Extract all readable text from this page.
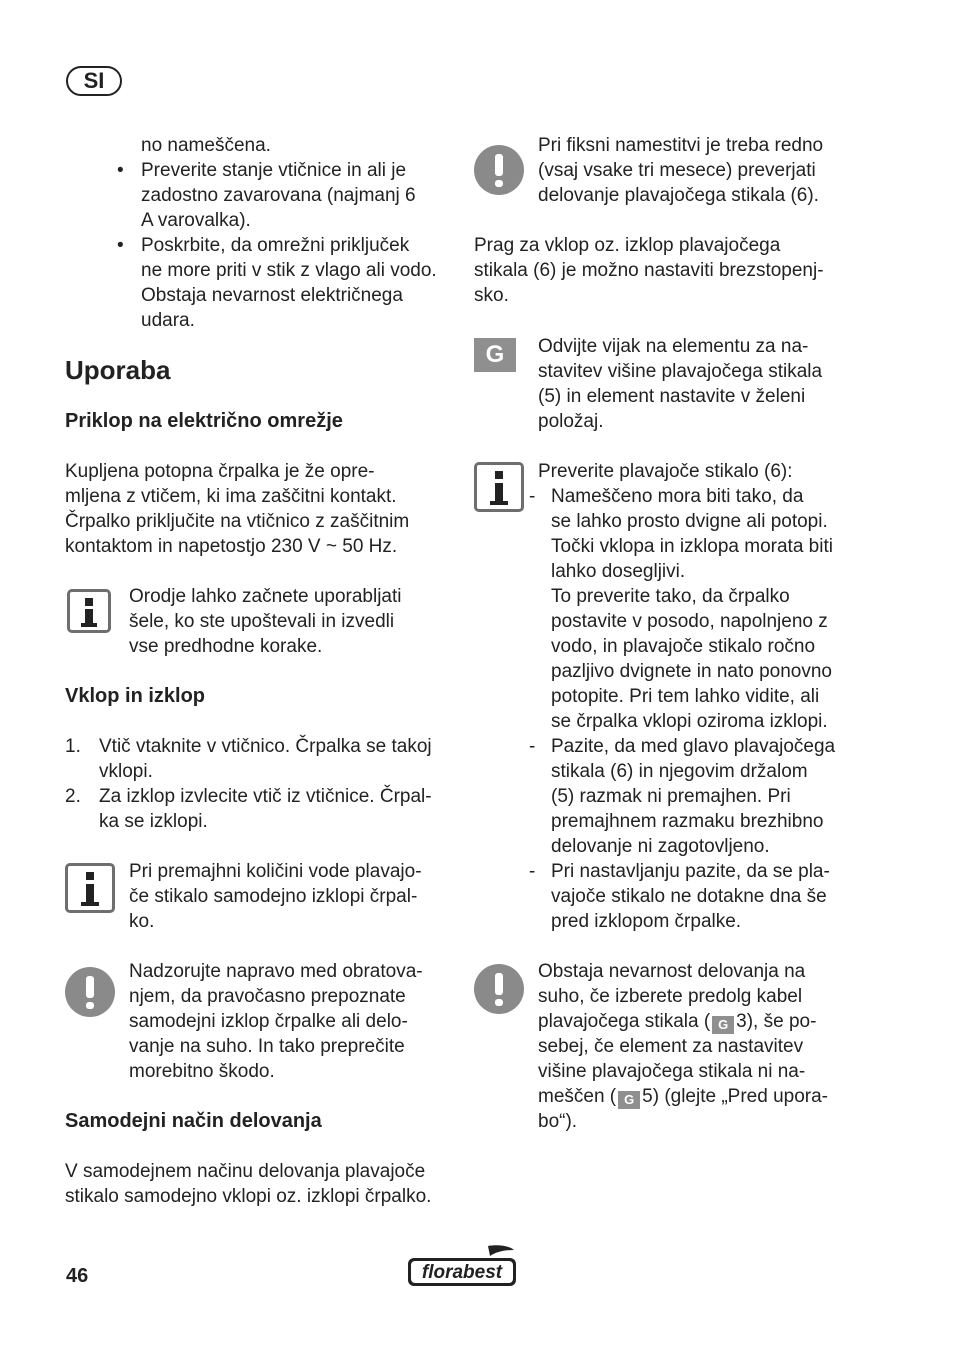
SI
no nameščena.
• Preverite stanje vtičnice in ali je
zadostno zavarovana (najmanj 6
A varovalka).
• Poskrbite, da omrežni priključek
ne more priti v stik z vlago ali vodo.
Obstaja nevarnost električnega
udara.
Uporaba
Priklop na električno omrežje
Kupljena potopna črpalka je že opre-
mljena z vtičem, ki ima zaščitni kontakt.
Črpalko priključite na vtičnico z zaščitnim
kontaktom in napetostjo 230 V ~ 50 Hz.
Orodje lahko začnete uporabljati
šele, ko ste upoštevali in izvedli
vse predhodne korake.
Vklop in izklop
1. Vtič vtaknite v vtičnico. Črpalka se takoj
vklopi.
2. Za izklop izvlecite vtič iz vtičnice. Črpal-
ka se izklopi.
Pri premajhni količini vode plavajo-
če stikalo samodejno izklopi črpal-
ko.
Nadzorujte napravo med obratova-
njem, da pravočasno prepoznate
samodejni izklop črpalke ali delo-
vanje na suho. In tako preprečite
morebitno škodo.
Samodejni način delovanja
V samodejnem načinu delovanja plavajoče
stikalo samodejno vklopi oz. izklopi črpalko.
Pri fiksni namestitvi je treba redno
(vsaj vsake tri mesece) preverjati
delovanje plavajočega stikala (6).
Prag za vklop oz. izklop plavajočega
stikala (6) je možno nastaviti brezstopenj-
sko.
G	Odvijte vijak na elementu za na-
stavitev višine plavajočega stikala
(5) in element nastavite v želeni
položaj.
Preverite plavajoče stikalo (6):
- Nameščeno mora biti tako, da
se lahko prosto dvigne ali potopi.
Točki vklopa in izklopa morata biti
lahko dosegljivi.
To preverite tako, da črpalko
postavite v posodo, napolnjeno z
vodo, in plavajoče stikalo ročno
pazljivo dvignete in nato ponovno
potopite. Pri tem lahko vidite, ali
se črpalka vklopi oziroma izklopi.
- Pazite, da med glavo plavajočega
stikala (6) in njegovim držalom
(5) razmak ni premajhen. Pri
premajhnem razmaku brezhibno
delovanje ni zagotovljeno.
- Pri nastavljanju pazite, da se pla-
vajoče stikalo ne dotakne dna še
pred izklopom črpalke.
Obstaja nevarnost delovanja na
suho, če izberete predolg kabel
plavajočega stikala ( G 3), še po-
sebej, če element za nastavitev
višine plavajočega stikala ni na-
meščen ( G 5) (glejte „Pred upora-
bo“).
46	florabest
